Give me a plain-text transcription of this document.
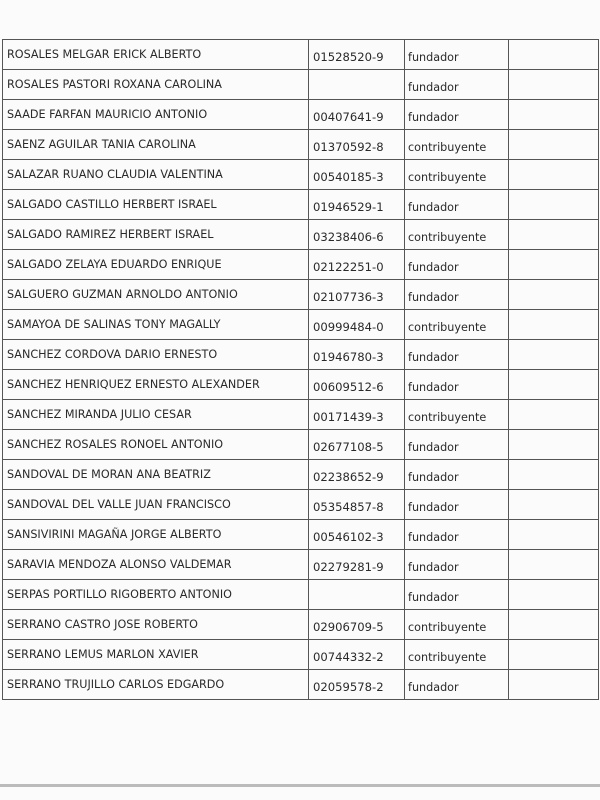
ROSALES MELGAR ERICK ALBERTO	01528520-9	fundador	
ROSALES PASTORI ROXANA CAROLINA		fundador	
SAADE FARFAN MAURICIO ANTONIO	00407641-9	fundador	
SAENZ AGUILAR TANIA CAROLINA	01370592-8	contribuyente	
SALAZAR RUANO CLAUDIA VALENTINA	00540185-3	contribuyente	
SALGADO CASTILLO HERBERT ISRAEL	01946529-1	fundador	
SALGADO RAMIREZ HERBERT ISRAEL	03238406-6	contribuyente	
SALGADO ZELAYA EDUARDO ENRIQUE	02122251-0	fundador	
SALGUERO GUZMAN ARNOLDO ANTONIO	02107736-3	fundador	
SAMAYOA DE SALINAS TONY MAGALLY	00999484-0	contribuyente	
SANCHEZ CORDOVA DARIO ERNESTO	01946780-3	fundador	
SANCHEZ HENRIQUEZ ERNESTO ALEXANDER	00609512-6	fundador	
SANCHEZ MIRANDA JULIO CESAR	00171439-3	contribuyente	
SANCHEZ ROSALES RONOEL ANTONIO	02677108-5	fundador	
SANDOVAL DE MORAN ANA BEATRIZ	02238652-9	fundador	
SANDOVAL DEL VALLE JUAN FRANCISCO	05354857-8	fundador	
SANSIVIRINI MAGAÑA JORGE ALBERTO	00546102-3	fundador	
SARAVIA MENDOZA ALONSO VALDEMAR	02279281-9	fundador	
SERPAS PORTILLO RIGOBERTO ANTONIO		fundador	
SERRANO CASTRO JOSE ROBERTO	02906709-5	contribuyente	
SERRANO LEMUS MARLON XAVIER	00744332-2	contribuyente	
SERRANO TRUJILLO CARLOS EDGARDO	02059578-2	fundador	
